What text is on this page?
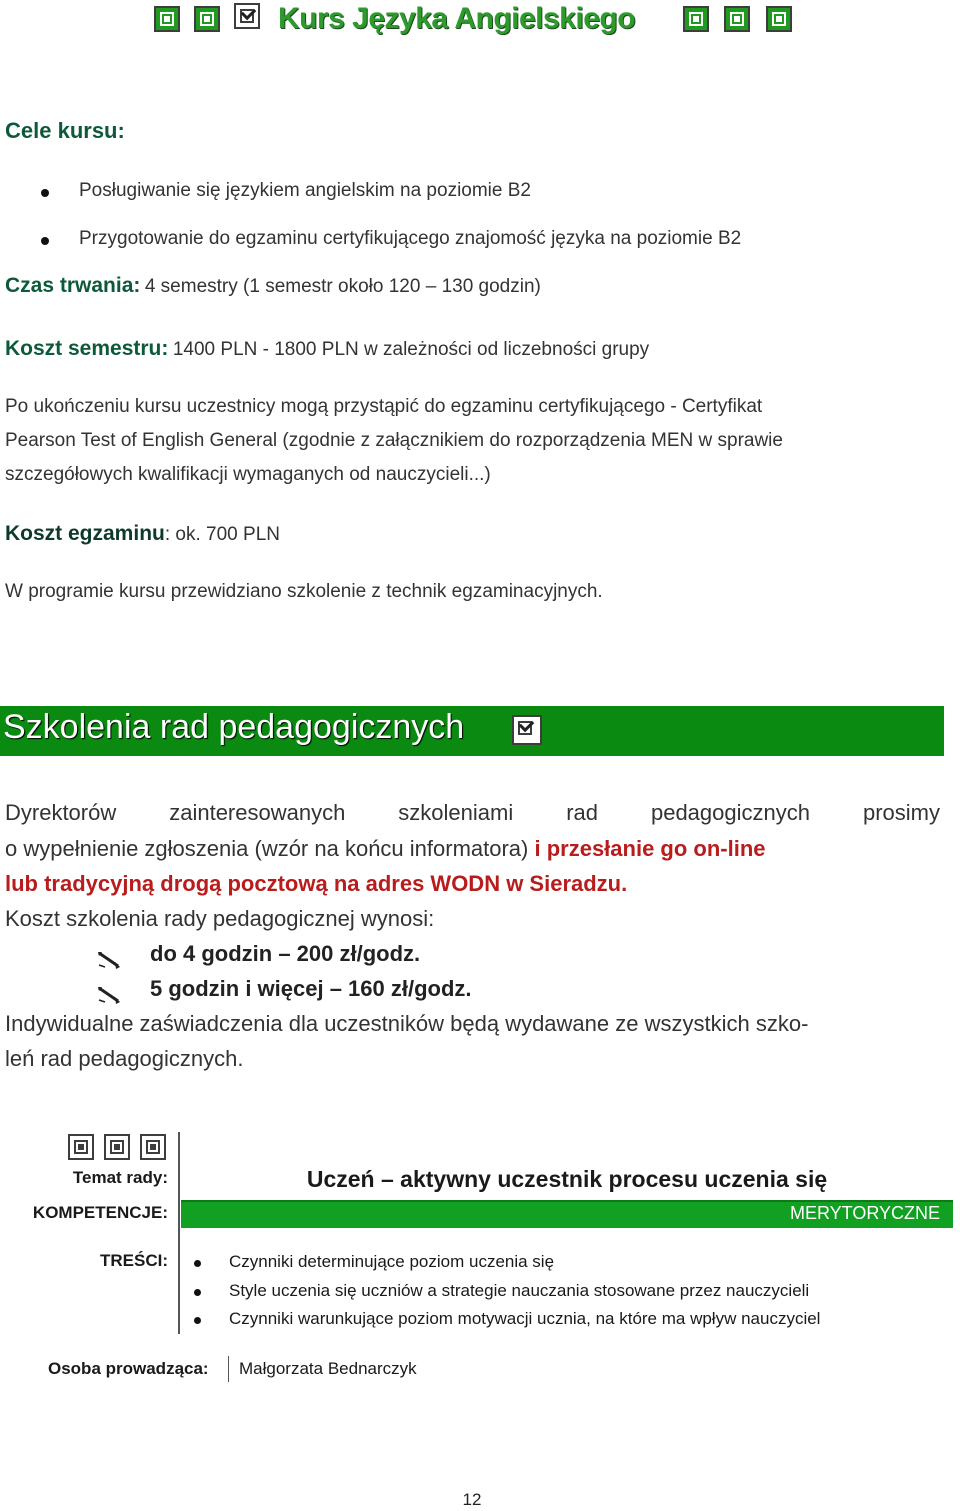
Kurs Języka Angielskiego
Cele kursu:
Posługiwanie się językiem angielskim na poziomie B2
Przygotowanie do egzaminu certyfikującego znajomość języka na poziomie B2
Czas trwania: 4 semestry (1 semestr około 120 – 130 godzin)
Koszt semestru: 1400 PLN - 1800 PLN w zależności od liczebności grupy
Po ukończeniu kursu uczestnicy mogą przystąpić do egzaminu certyfikującego - Certyfikat
Pearson Test of English General (zgodnie z załącznikiem do rozporządzenia MEN w sprawie
szczegółowych kwalifikacji wymaganych od nauczycieli...)
Koszt egzaminu: ok. 700 PLN
W programie kursu przewidziano szkolenie z technik egzaminacyjnych.
Szkolenia rad pedagogicznych
Dyrektorów zainteresowanych szkoleniami rad pedagogicznych prosimy
o wypełnienie zgłoszenia (wzór na końcu informatora) i przesłanie go on-line
lub tradycyjną drogą pocztową na adres WODN w Sieradzu.
Koszt szkolenia rady pedagogicznej wynosi:
do 4 godzin – 200 zł/godz.
5 godzin i więcej – 160 zł/godz.
Indywidualne zaświadczenia dla uczestników będą wydawane ze wszystkich szko-
leń rad pedagogicznych.
Temat rady:
KOMPETENCJE:
TREŚCI:
Uczeń – aktywny uczestnik procesu uczenia się
MERYTORYCZNE
Czynniki determinujące poziom uczenia się
Style uczenia się uczniów a strategie nauczania stosowane przez nauczycieli
Czynniki warunkujące poziom motywacji ucznia, na które ma wpływ nauczyciel
Osoba prowadząca: Małgorzata Bednarczyk
12
